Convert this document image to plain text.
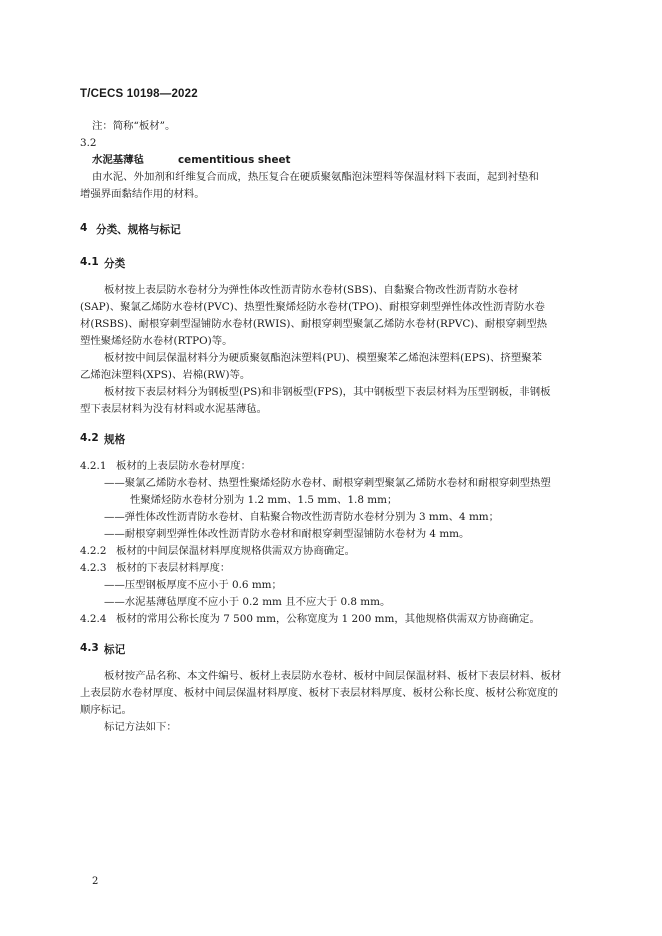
T/CECS 10198—2022
注：简称“板材”。
3.2
水泥基薄毡	cementitious sheet
由水泥、外加剂和纤维复合而成，热压复合在硬质聚氨酯泡沫塑料等保温材料下表面，起到衬垫和
增强界面黏结作用的材料。
4 分类、规格与标记
4.1 分类
板材按上表层防水卷材分为弹性体改性沥青防水卷材(SBS)、自黏聚合物改性沥青防水卷材
(SAP)、聚氯乙烯防水卷材(PVC)、热塑性聚烯烃防水卷材(TPO)、耐根穿刺型弹性体改性沥青防水卷
材(RSBS)、耐根穿刺型湿铺防水卷材(RWIS)、耐根穿刺型聚氯乙烯防水卷材(RPVC)、耐根穿刺型热
塑性聚烯烃防水卷材(RTPO)等。
板材按中间层保温材料分为硬质聚氨酯泡沫塑料(PU)、模塑聚苯乙烯泡沫塑料(EPS)、挤塑聚苯
乙烯泡沫塑料(XPS)、岩棉(RW)等。
板材按下表层材料分为钢板型(PS)和非钢板型(FPS)，其中钢板型下表层材料为压型钢板，非钢板
型下表层材料为没有材料或水泥基薄毡。
4.2 规格
4.2.1 板材的上表层防水卷材厚度：
——聚氯乙烯防水卷材、热塑性聚烯烃防水卷材、耐根穿刺型聚氯乙烯防水卷材和耐根穿刺型热塑
性聚烯烃防水卷材分别为 1.2 mm、1.5 mm、1.8 mm；
——弹性体改性沥青防水卷材、自粘聚合物改性沥青防水卷材分别为 3 mm、4 mm；
——耐根穿刺型弹性体改性沥青防水卷材和耐根穿刺型湿铺防水卷材为 4 mm。
4.2.2 板材的中间层保温材料厚度规格供需双方协商确定。
4.2.3 板材的下表层材料厚度：
——压型钢板厚度不应小于 0.6 mm；
——水泥基薄毡厚度不应小于 0.2 mm 且不应大于 0.8 mm。
4.2.4 板材的常用公称长度为 7 500 mm，公称宽度为 1 200 mm，其他规格供需双方协商确定。
4.3 标记
板材按产品名称、本文件编号、板材上表层防水卷材、板材中间层保温材料、板材下表层材料、板材
上表层防水卷材厚度、板材中间层保温材料厚度、板材下表层材料厚度、板材公称长度、板材公称宽度的
顺序标记。
标记方法如下：
2
